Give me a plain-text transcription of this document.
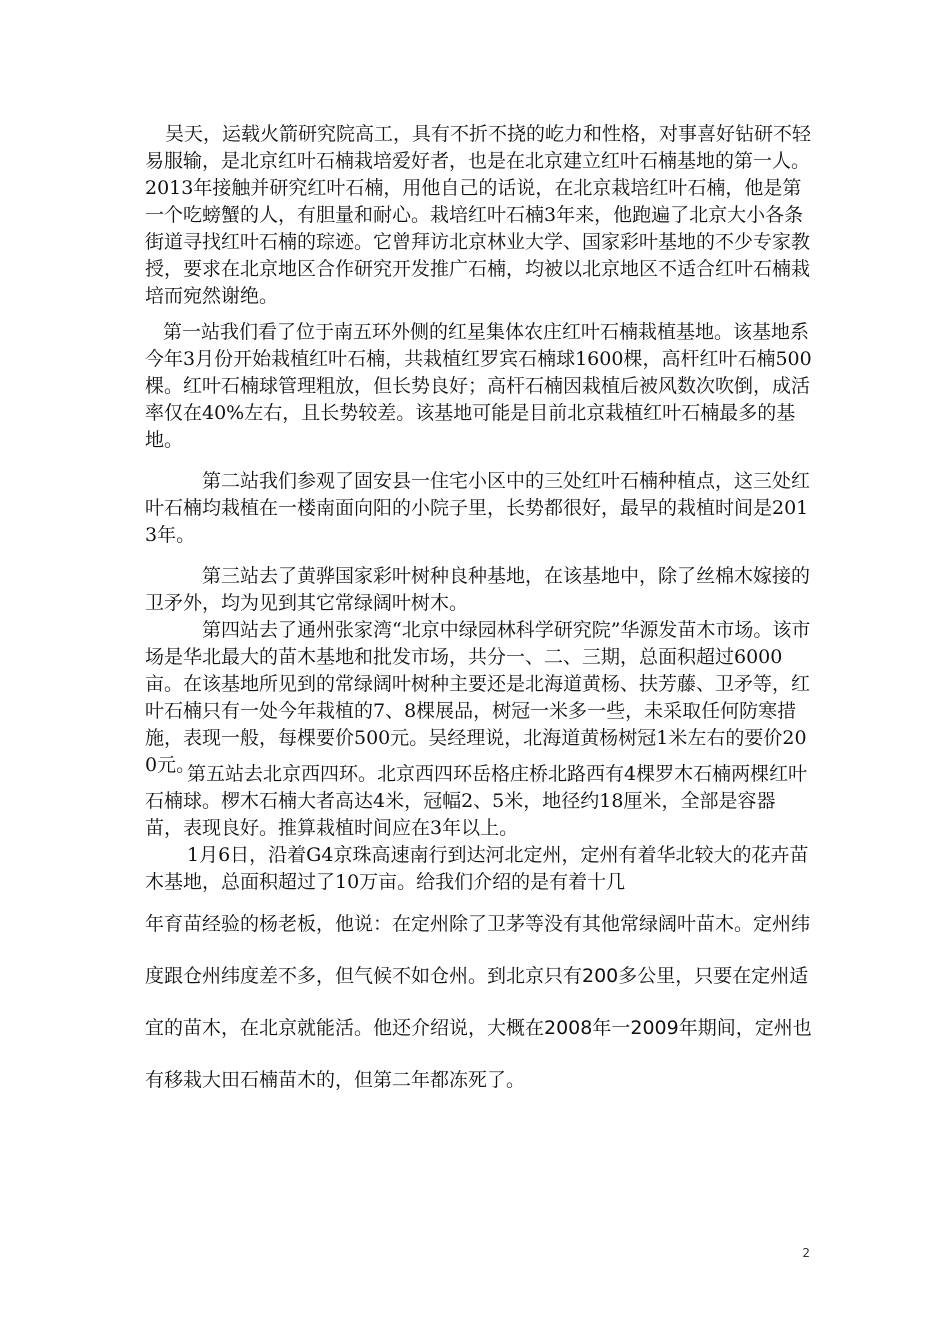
吴天，运载火箭研究院高工，具有不折不挠的屹力和性格，对事喜好钻研不轻易服输，是北京红叶石楠栽培爱好者，也是在北京建立红叶石楠基地的第一人。2013年接触并研究红叶石楠，用他自己的话说，在北京栽培红叶石楠，他是第一个吃螃蟹的人，有胆量和耐心。栽培红叶石楠3年来，他跑遍了北京大小各条街道寻找红叶石楠的琮迹。它曾拜访北京林业大学、国家彩叶基地的不少专家教授，要求在北京地区合作研究开发推广石楠，均被以北京地区不适合红叶石楠栽培而宛然谢绝。

第一站我们看了位于南五环外侧的红星集体农庄红叶石楠栽植基地。该基地系今年3月份开始栽植红叶石楠，共栽植红罗宾石楠球1600棵，高杆红叶石楠500棵。红叶石楠球管理粗放，但长势良好；高杆石楠因栽植后被风数次吹倒，成活率仅在40%左右，且长势较差。该基地可能是目前北京栽植红叶石楠最多的基地。

第二站我们参观了固安县一住宅小区中的三处红叶石楠种植点，这三处红叶石楠均栽植在一楼南面向阳的小院子里，长势都很好，最早的栽植时间是2013年。

第三站去了黄骅国家彩叶树种良种基地，在该基地中，除了丝棉木嫁接的卫矛外，均为见到其它常绿阔叶树木。

第四站去了通州张家湾“北京中绿园林科学研究院”华源发苗木市场。该市场是华北最大的苗木基地和批发市场，共分一、二、三期，总面积超过6000亩。在该基地所见到的常绿阔叶树种主要还是北海道黄杨、扶芳藤、卫矛等，红叶石楠只有一处今年栽植的7、8棵展品，树冠一米多一些，未采取任何防寒措施，表现一般，每棵要价500元。吴经理说，北海道黄杨树冠1米左右的要价200元。

第五站去北京西四环。北京西四环岳格庄桥北路西有4棵罗木石楠两棵红叶石楠球。椤木石楠大者高达4米，冠幅2、5米，地径约18厘米，全部是容器苗，表现良好。推算栽植时间应在3年以上。

1月6日，沿着G4京珠高速南行到达河北定州，定州有着华北较大的花卉苗木基地，总面积超过了10万亩。给我们介绍的是有着十几

年育苗经验的杨老板，他说：在定州除了卫茅等没有其他常绿阔叶苗木。定州纬度跟仓州纬度差不多，但气候不如仓州。到北京只有200多公里，只要在定州适宜的苗木，在北京就能活。他还介绍说，大概在2008年一2009年期间，定州也有移栽大田石楠苗木的，但第二年都冻死了。

2
